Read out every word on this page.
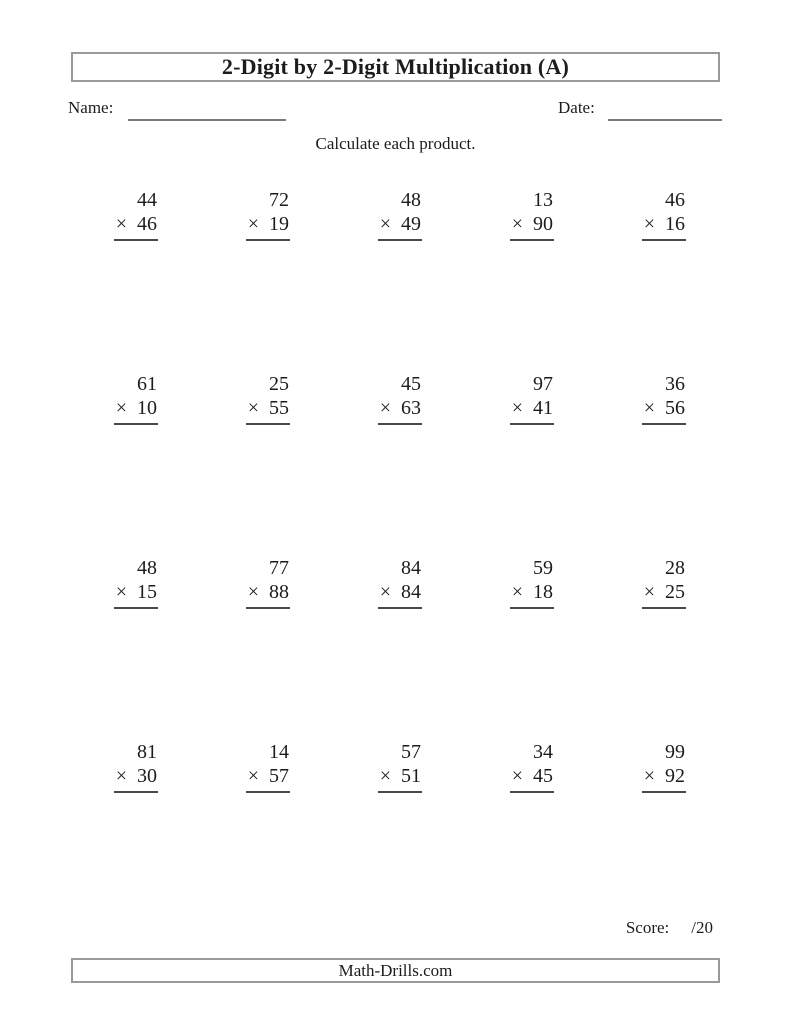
2-Digit by 2-Digit Multiplication (A)
Name:	Date:
Calculate each product.
44
× 46
72
× 19
48
× 49
13
× 90
46
× 16
61
× 10
25
× 55
45
× 63
97
× 41
36
× 56
48
× 15
77
× 88
84
× 84
59
× 18
28
× 25
81
× 30
14
× 57
57
× 51
34
× 45
99
× 92
Score: /20
Math-Drills.com
